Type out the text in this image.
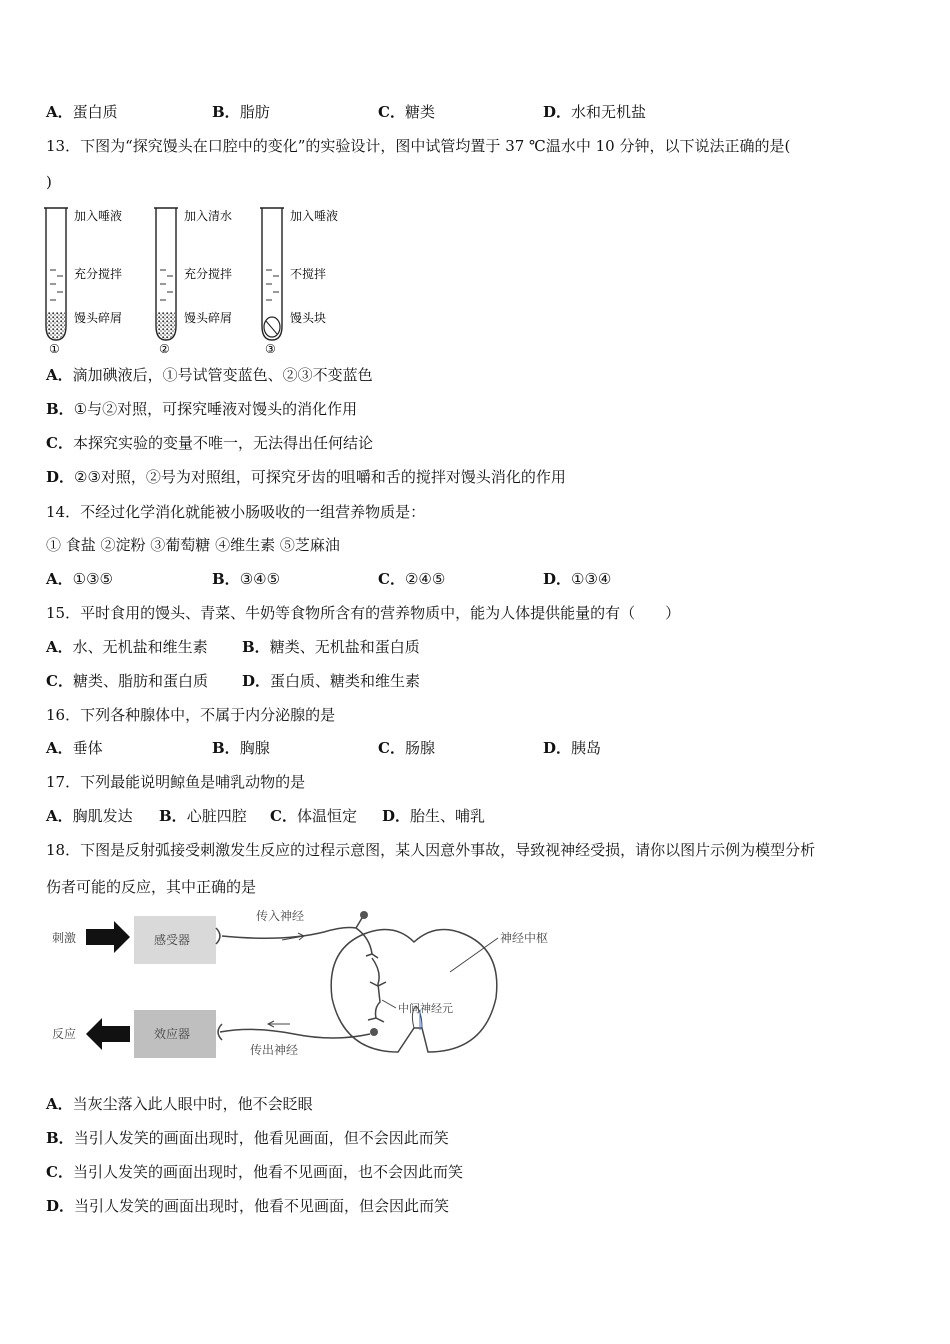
A．蛋白质	B．脂肪	C．糖类	D．水和无机盐
13．下图为“探究馒头在口腔中的变化”的实验设计，图中试管均置于 37 ℃温水中 10 分钟，以下说法正确的是(
)
加入唾液
充分搅拌
馒头碎屑
①
加入清水
充分搅拌
馒头碎屑
②
加入唾液
不搅拌
馒头块
③
A．滴加碘液后，①号试管变蓝色、②③不变蓝色
B．①与②对照，可探究唾液对馒头的消化作用
C．本探究实验的变量不唯一，无法得出任何结论
D．②③对照，②号为对照组，可探究牙齿的咀嚼和舌的搅拌对馒头消化的作用
14．不经过化学消化就能被小肠吸收的一组营养物质是：
① 食盐 ②淀粉 ③葡萄糖 ④维生素 ⑤芝麻油
A．①③⑤	B．③④⑤	C．②④⑤	D．①③④
15．平时食用的馒头、青菜、牛奶等食物所含有的营养物质中，能为人体提供能量的有（　　）
A．水、无机盐和维生素 B．糖类、无机盐和蛋白质
C．糖类、脂肪和蛋白质 D．蛋白质、糖类和维生素
16．下列各种腺体中，不属于内分泌腺的是
A．垂体	B．胸腺	C．肠腺	D．胰岛
17．下列最能说明鲸鱼是哺乳动物的是
A．胸肌发达 B．心脏四腔 C．体温恒定 D．胎生、哺乳
18．下图是反射弧接受刺激发生反应的过程示意图，某人因意外事故，导致视神经受损，请你以图片示例为模型分析
伤者可能的反应，其中正确的是
刺激	感受器
传入神经
神经中枢
中间神经元
传出神经
效应器
反应
A．当灰尘落入此人眼中时，他不会眨眼
B．当引人发笑的画面出现时，他看见画面，但不会因此而笑
C．当引人发笑的画面出现时，他看不见画面，也不会因此而笑
D．当引人发笑的画面出现时，他看不见画面，但会因此而笑
